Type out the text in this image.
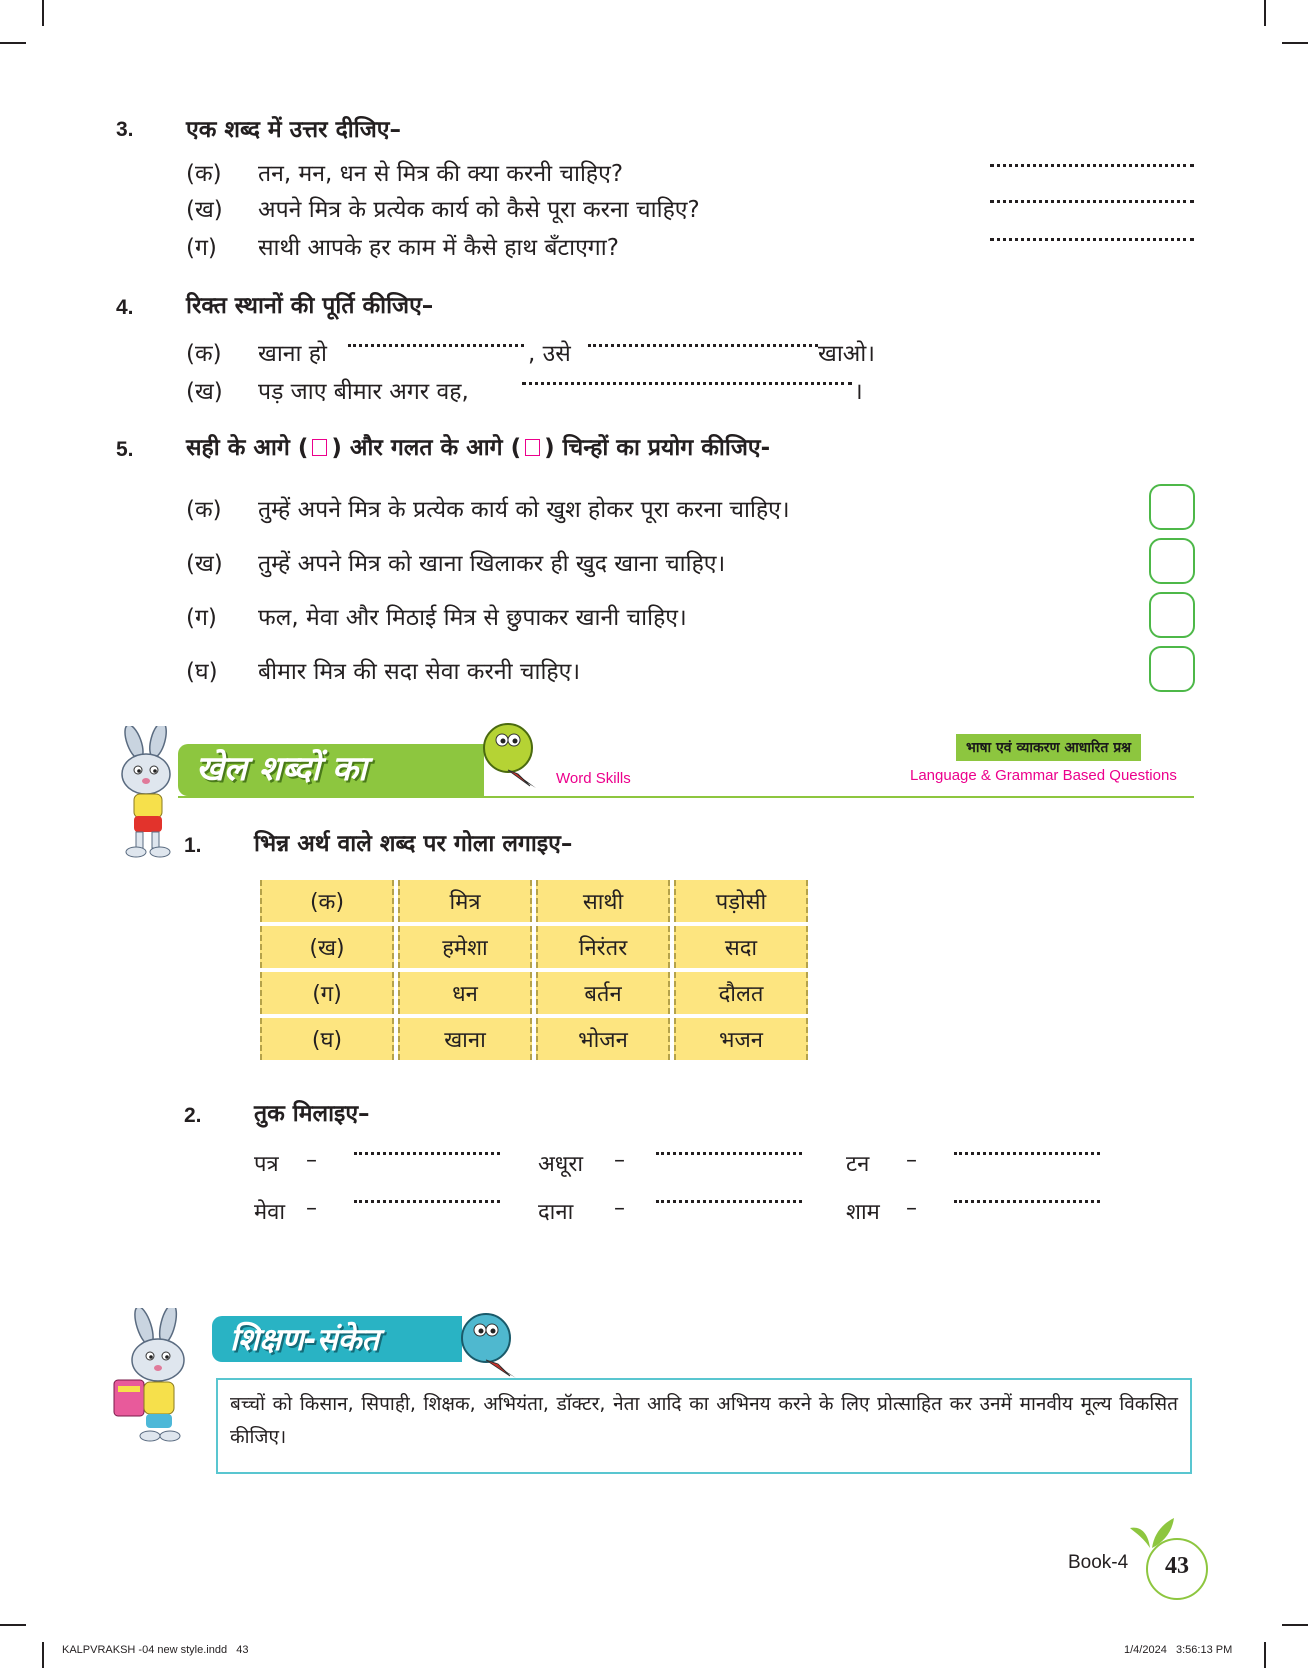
3. एक शब्द में उत्तर दीजिए–
(क) तन, मन, धन से मित्र की क्या करनी चाहिए?
(ख) अपने मित्र के प्रत्येक कार्य को कैसे पूरा करना चाहिए?
(ग) साथी आपके हर काम में कैसे हाथ बँटाएगा?
4. रिक्त स्थानों की पूर्ति कीजिए–
(क) खाना हो	, उसे	खाओ।
(ख) पड़ जाए बीमार अगर वह,	।
5. सही के आगे ( ) और गलत के आगे ( ) चिन्हों का प्रयोग कीजिए-
(क) तुम्हें अपने मित्र के प्रत्येक कार्य को खुश होकर पूरा करना चाहिए।
(ख) तुम्हें अपने मित्र को खाना खिलाकर ही खुद खाना चाहिए।
(ग) फल, मेवा और मिठाई मित्र से छुपाकर खानी चाहिए।
(घ) बीमार मित्र की सदा सेवा करनी चाहिए।
खेल शब्दों का	Word Skills
भाषा एवं व्याकरण आधारित प्रश्न
Language & Grammar Based Questions
1. भिन्न अर्थ वाले शब्द पर गोला लगाइए–
(क)	मित्र	साथी	पड़ोसी
(ख)	हमेशा	निरंतर	सदा
(ग)	धन	बर्तन	दौलत
(घ)	खाना	भोजन	भजन
2. तुक मिलाइए–
पत्र –	अधूरा –	टन –
मेवा –	दाना –	शाम –
शिक्षण-संकेत
बच्चों को किसान, सिपाही, शिक्षक, अभियंता, डॉक्टर, नेता आदि का अभिनय करने के लिए प्रोत्साहित कर उनमें मानवीय मूल्य विकसित कीजिए।
Book-4	43
KALPVRAKSH -04 new style.indd   43	1/4/2024   3:56:13 PM
